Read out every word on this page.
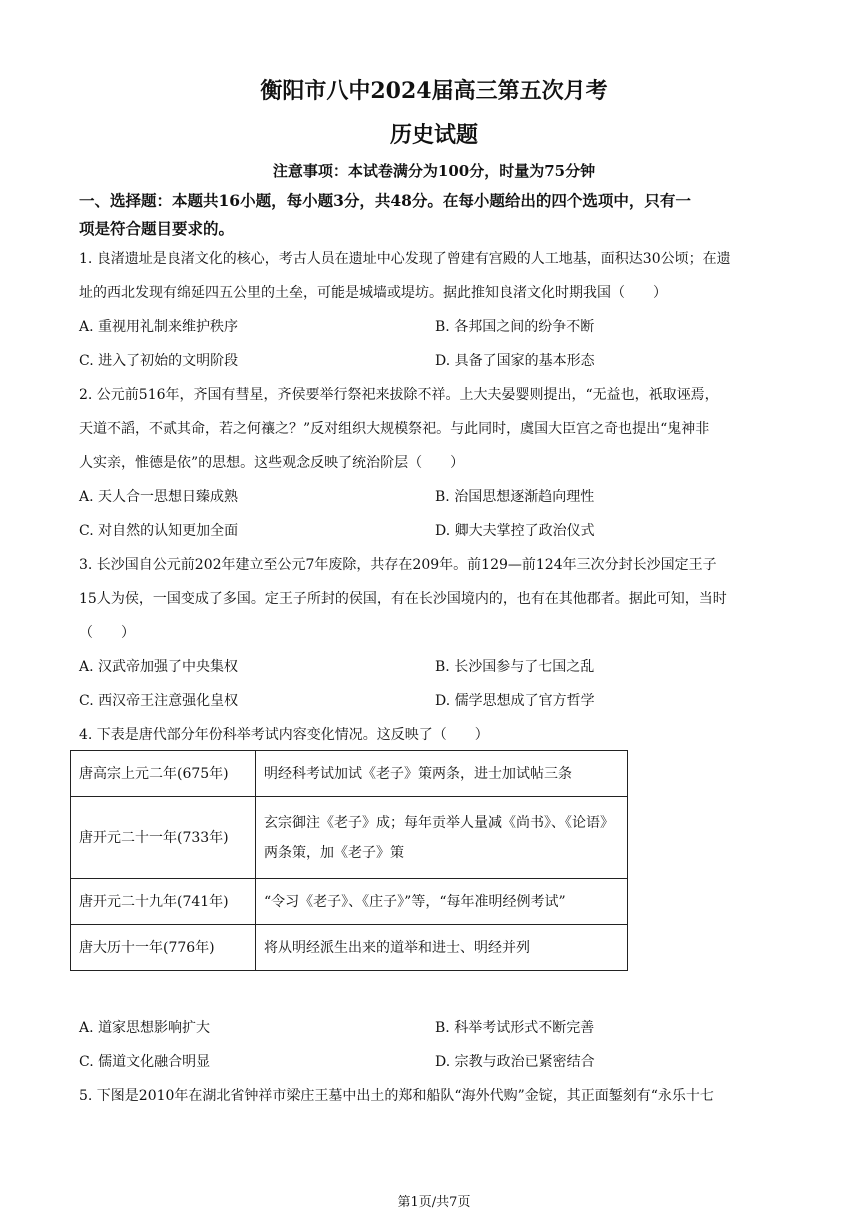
衡阳市八中2024届高三第五次月考
历史试题
注意事项：本试卷满分为100分，时量为75分钟
一、选择题：本题共16小题，每小题3分，共48分。在每小题给出的四个选项中，只有一
项是符合题目要求的。
1. 良渚遗址是良渚文化的核心，考古人员在遗址中心发现了曾建有宫殿的人工地基，面积达30公顷；在遗
址的西北发现有绵延四五公里的土垒，可能是城墙或堤坊。据此推知良渚文化时期我国（　　）
A. 重视用礼制来维护秩序	B. 各邦国之间的纷争不断
C. 进入了初始的文明阶段	D. 具备了国家的基本形态
2. 公元前516年，齐国有彗星，齐侯要举行祭祀来拔除不祥。上大夫晏婴则提出，“无益也，祇取诬焉，
天道不謟，不贰其命，若之何禳之？”反对组织大规模祭祀。与此同时，虞国大臣宫之奇也提出“鬼神非
人实亲，惟德是依”的思想。这些观念反映了统治阶层（　　）
A. 天人合一思想日臻成熟	B. 治国思想逐渐趋向理性
C. 对自然的认知更加全面	D. 卿大夫掌控了政治仪式
3. 长沙国自公元前202年建立至公元7年废除，共存在209年。前129—前124年三次分封长沙国定王子
15人为侯，一国变成了多国。定王子所封的侯国，有在长沙国境内的，也有在其他郡者。据此可知，当时
（　　）
A. 汉武帝加强了中央集权	B. 长沙国参与了七国之乱
C. 西汉帝王注意强化皇权	D. 儒学思想成了官方哲学
4. 下表是唐代部分年份科举考试内容变化情况。这反映了（　　）
唐高宗上元二年(675年)	明经科考试加试《老子》策两条，进士加试帖三条
唐开元二十一年(733年)	玄宗御注《老子》成；每年贡举人量减《尚书》、《论语》两条策，加《老子》策
唐开元二十九年(741年)	“令习《老子》、《庄子》”等，“每年准明经例考试”
唐大历十一年(776年)	将从明经派生出来的道举和进士、明经并列
A. 道家思想影响扩大	B. 科举考试形式不断完善
C. 儒道文化融合明显	D. 宗教与政治已紧密结合
5. 下图是2010年在湖北省钟祥市梁庄王墓中出土的郑和船队“海外代购”金锭，其正面錾刻有“永乐十七
第1页/共7页
